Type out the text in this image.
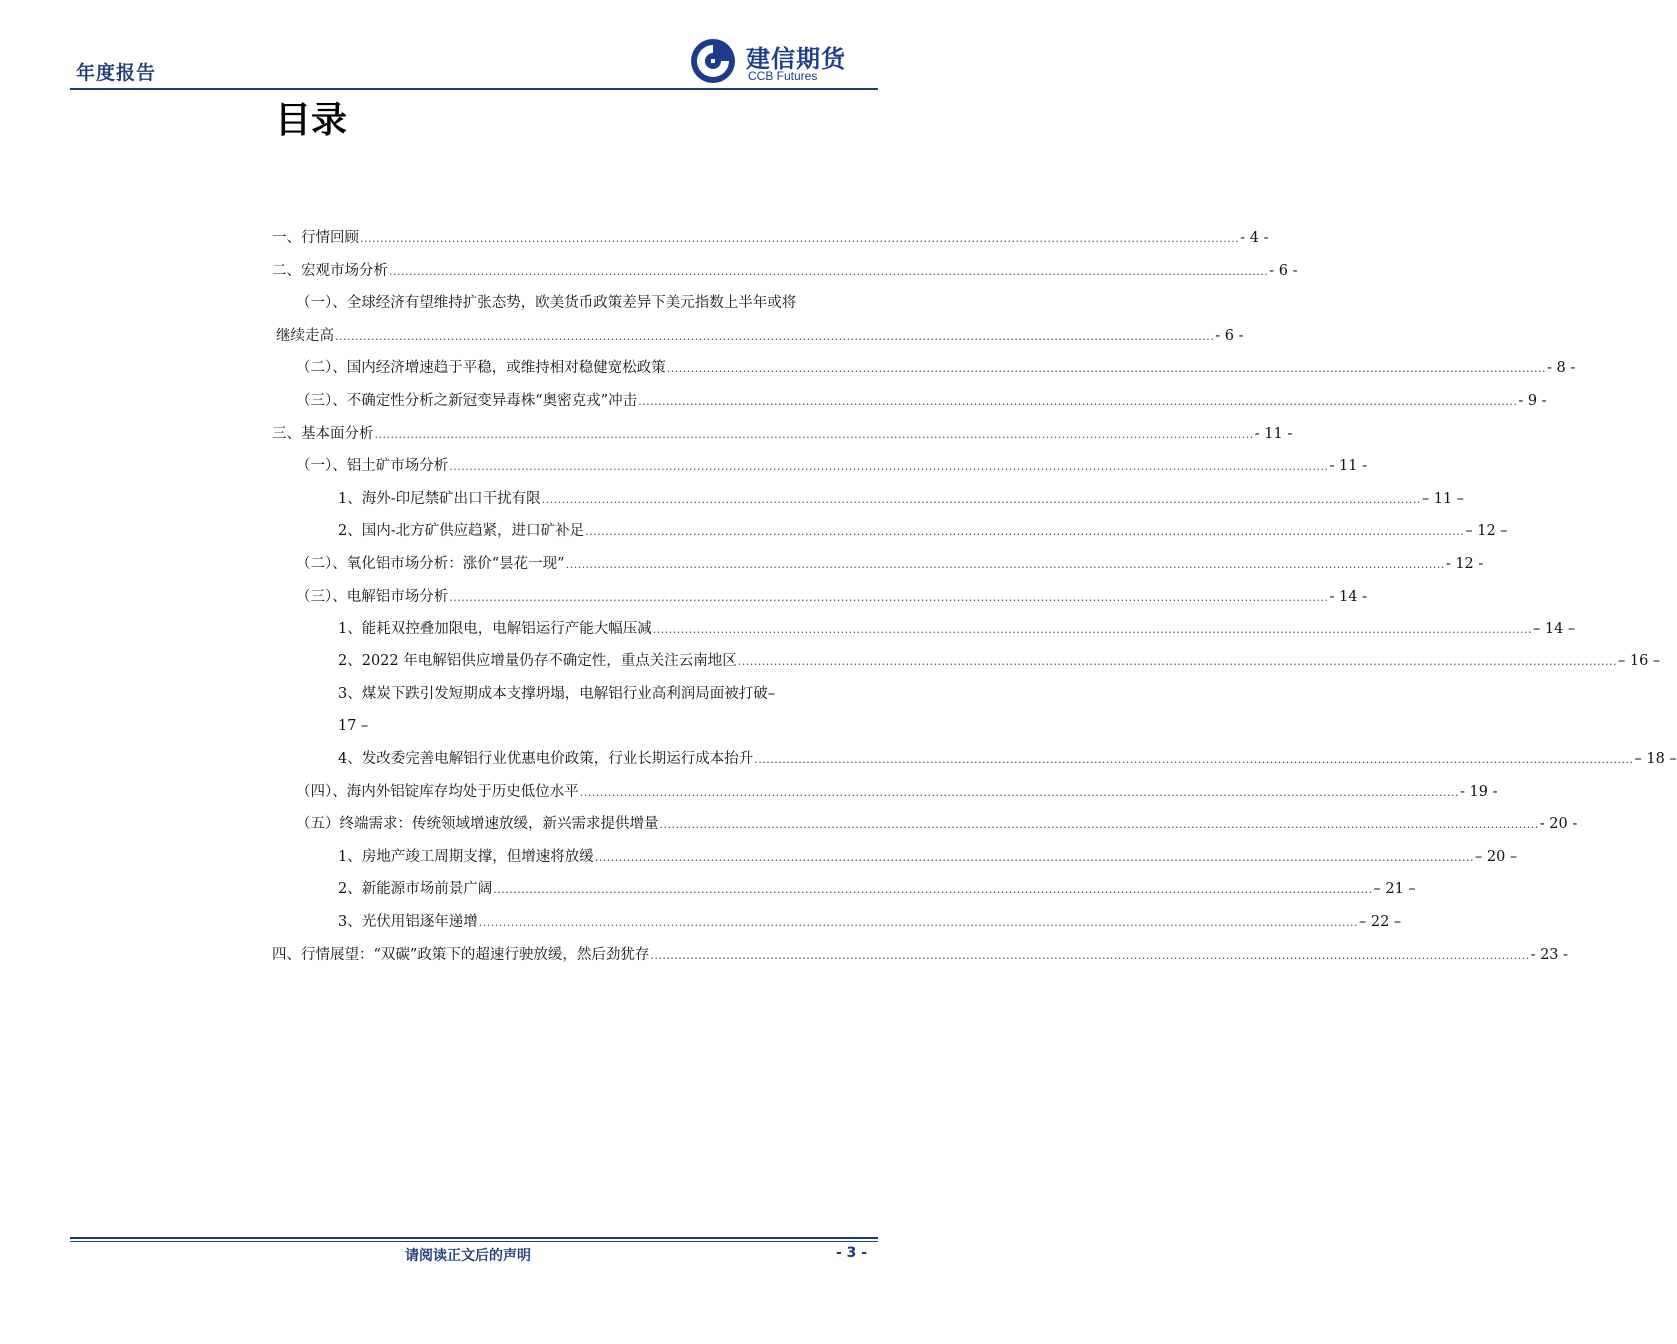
年度报告	建信期货
CCB Futures
目录
一、行情回顾 ............................................................................................................................................................................................................................ - 4 -
二、宏观市场分析 ............................................................................................................................................................................................................................ - 6 -
（一）、全球经济有望维持扩张态势，欧美货币政策差异下美元指数上半年或将
继续走高 ............................................................................................................................................................................................................................ - 6 -
（二）、国内经济增速趋于平稳，或维持相对稳健宽松政策 ............................................................................................................................................................................................................................ - 8 -
（三）、不确定性分析之新冠变异毒株“奥密克戎”冲击 ............................................................................................................................................................................................................................ - 9 -
三、基本面分析 ............................................................................................................................................................................................................................ - 11 -
（一）、铝土矿市场分析 ............................................................................................................................................................................................................................ - 11 -
1、海外-印尼禁矿出口干扰有限 ............................................................................................................................................................................................................................ – 11 –
2、国内-北方矿供应趋紧，进口矿补足 ............................................................................................................................................................................................................................ – 12 –
（二）、氧化铝市场分析：涨价“昙花一现” ............................................................................................................................................................................................................................ - 12 -
（三）、电解铝市场分析 ............................................................................................................................................................................................................................ - 14 -
1、能耗双控叠加限电，电解铝运行产能大幅压减 ............................................................................................................................................................................................................................ – 14 –
2、2022 年电解铝供应增量仍存不确定性，重点关注云南地区 ............................................................................................................................................................................................................................ – 16 –
3、煤炭下跌引发短期成本支撑坍塌，电解铝行业高利润局面被打破–
17 –
4、发改委完善电解铝行业优惠电价政策，行业长期运行成本抬升 ............................................................................................................................................................................................................................ – 18 –
（四）、海内外铝锭库存均处于历史低位水平 ............................................................................................................................................................................................................................ - 19 -
（五）终端需求：传统领域增速放缓，新兴需求提供增量 ............................................................................................................................................................................................................................ - 20 -
1、房地产竣工周期支撑，但增速将放缓 ............................................................................................................................................................................................................................ – 20 –
2、新能源市场前景广阔 ............................................................................................................................................................................................................................ – 21 –
3、光伏用铝逐年递增 ............................................................................................................................................................................................................................ – 22 –
四、行情展望：“双碳”政策下的超速行驶放缓，然后劲犹存 ............................................................................................................................................................................................................................ - 23 -
请阅读正文后的声明	- 3 -
